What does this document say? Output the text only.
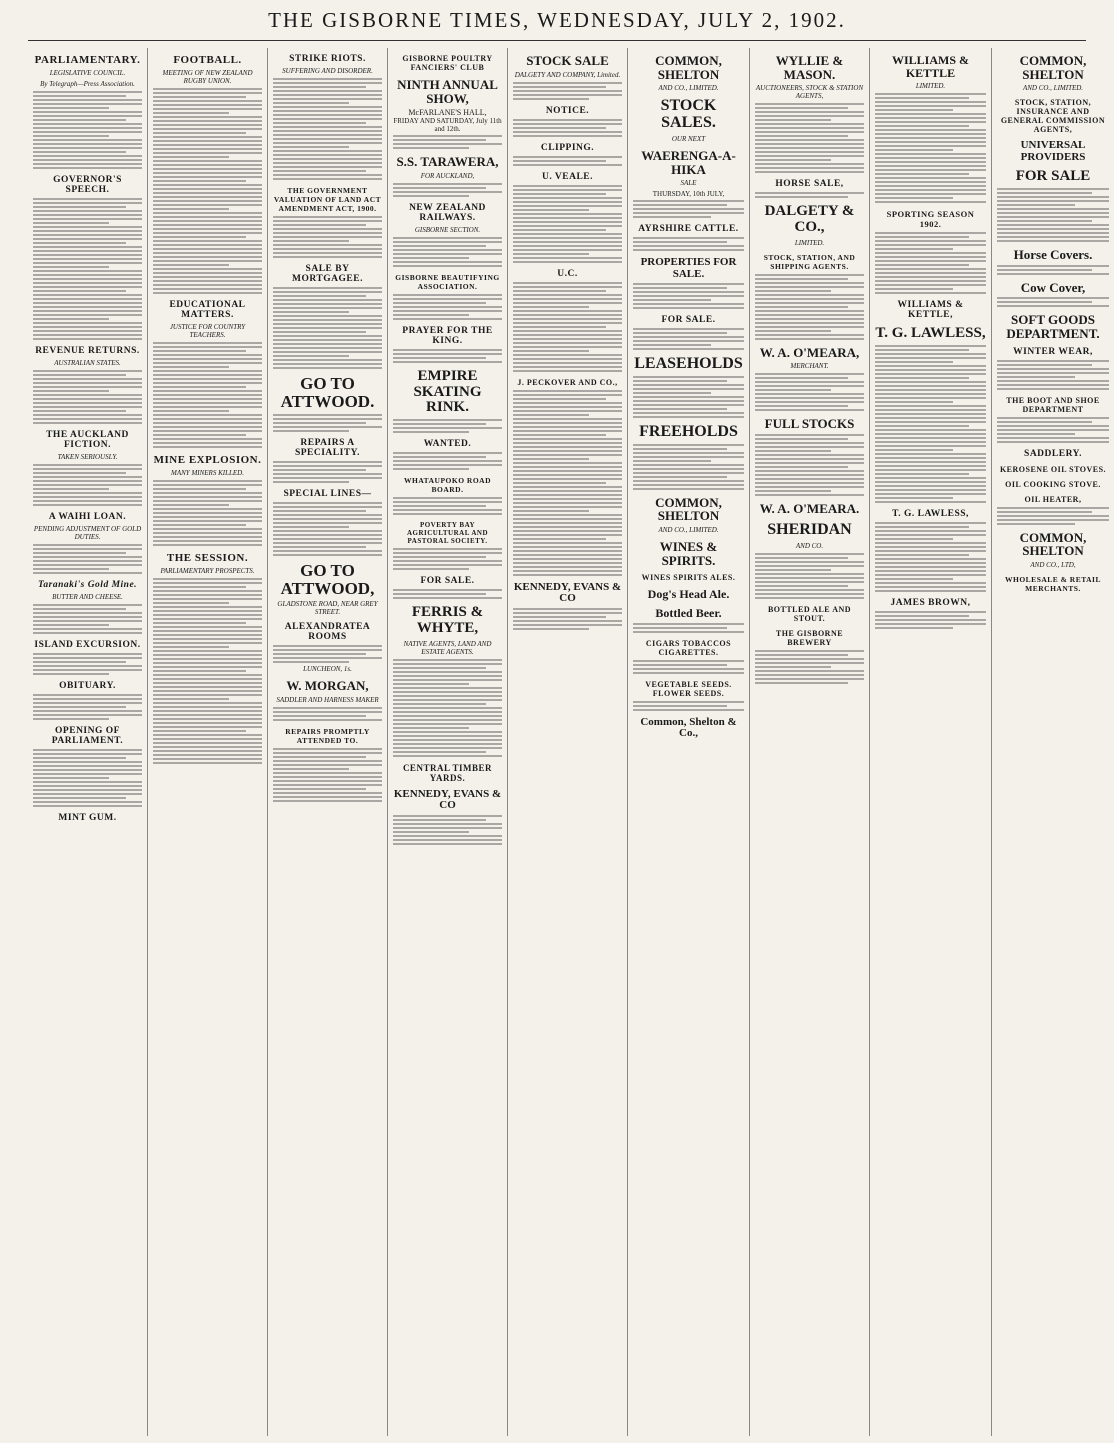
THE GISBORNE TIMES, WEDNESDAY, JULY 2, 1902.
PARLIAMENTARY.
LEGISLATIVE COUNCIL.
By Telegraph—Press Association.
GOVERNOR'S SPEECH.
REVENUE RETURNS.
AUSTRALIAN STATES.
THE AUCKLAND FICTION.
TAKEN SERIOUSLY.
A WAIHI LOAN.
PENDING ADJUSTMENT OF GOLD DUTIES.
Taranaki's Gold Mine.
BUTTER AND CHEESE.
ISLAND EXCURSION.
OBITUARY.
OPENING OF PARLIAMENT.
MINT GUM.
FOOTBALL.
MEETING OF NEW ZEALAND RUGBY UNION.
EDUCATIONAL MATTERS.
JUSTICE FOR COUNTRY TEACHERS.
MINE EXPLOSION.
MANY MINERS KILLED.
THE SESSION.
PARLIAMENTARY PROSPECTS.
STRIKE RIOTS.
SUFFERING AND DISORDER.
THE GOVERNMENT VALUATION OF LAND ACT AMENDMENT ACT, 1900.
SALE BY MORTGAGEE.
GO TO ATTWOOD.
REPAIRS A SPECIALITY.
SPECIAL LINES—
GO TO ATTWOOD,
GLADSTONE ROAD, NEAR GREY STREET.
ALEXANDRATEA ROOMS
LUNCHEON, 1s.
W. MORGAN,
SADDLER AND HARNESS MAKER
REPAIRS PROMPTLY ATTENDED TO.
GISBORNE POULTRY FANCIERS' CLUB
NINTH ANNUAL SHOW,
McFARLANE'S HALL,
FRIDAY AND SATURDAY, July 11th and 12th.
S.S. TARAWERA,
FOR AUCKLAND,
NEW ZEALAND RAILWAYS.
GISBORNE SECTION.
GISBORNE BEAUTIFYING ASSOCIATION.
PRAYER FOR THE KING.
EMPIRE SKATING RINK.
WANTED.
WHATAUPOKO ROAD BOARD.
POVERTY BAY AGRICULTURAL AND PASTORAL SOCIETY.
FOR SALE.
FERRIS & WHYTE,
NATIVE AGENTS, LAND AND ESTATE AGENTS.
CENTRAL TIMBER YARDS.
KENNEDY, EVANS & CO
STOCK SALE
DALGETY AND COMPANY, Limited.
NOTICE.
CLIPPING.
U. VEALE.
U.C.
J. PECKOVER AND CO.,
KENNEDY, EVANS & CO
COMMON, SHELTON
AND CO., LIMITED.
STOCK SALES.
OUR NEXT
WAERENGA-A-HIKA
SALE
THURSDAY, 10th JULY,
AYRSHIRE CATTLE.
PROPERTIES FOR SALE.
FOR SALE.
LEASEHOLDS
FREEHOLDS
COMMON, SHELTON
AND CO., LIMITED.
WINES & SPIRITS.
WINES SPIRITS ALES.
Dog's Head Ale.
Bottled Beer.
CIGARS TOBACCOS CIGARETTES.
VEGETABLE SEEDS. FLOWER SEEDS.
Common, Shelton & Co.,
WYLLIE & MASON.
AUCTIONEERS, STOCK & STATION AGENTS,
HORSE SALE,
DALGETY & CO.,
LIMITED.
STOCK, STATION, AND SHIPPING AGENTS.
W. A. O'MEARA,
MERCHANT.
FULL STOCKS
W. A. O'MEARA.
SHERIDAN
AND CO.
BOTTLED ALE AND STOUT.
THE GISBORNE BREWERY
WILLIAMS & KETTLE
LIMITED.
SPORTING SEASON 1902.
WILLIAMS & KETTLE,
T. G. LAWLESS,
T. G. LAWLESS,
JAMES BROWN,
COMMON, SHELTON
AND CO., LIMITED.
STOCK, STATION, INSURANCE AND GENERAL COMMISSION AGENTS,
UNIVERSAL PROVIDERS
FOR SALE
Horse Covers.
Cow Cover,
SOFT GOODS DEPARTMENT.
WINTER WEAR,
THE BOOT AND SHOE DEPARTMENT
SADDLERY.
KEROSENE OIL STOVES.
OIL COOKING STOVE.
OIL HEATER,
COMMON, SHELTON
AND CO., LTD,
WHOLESALE & RETAIL MERCHANTS.
